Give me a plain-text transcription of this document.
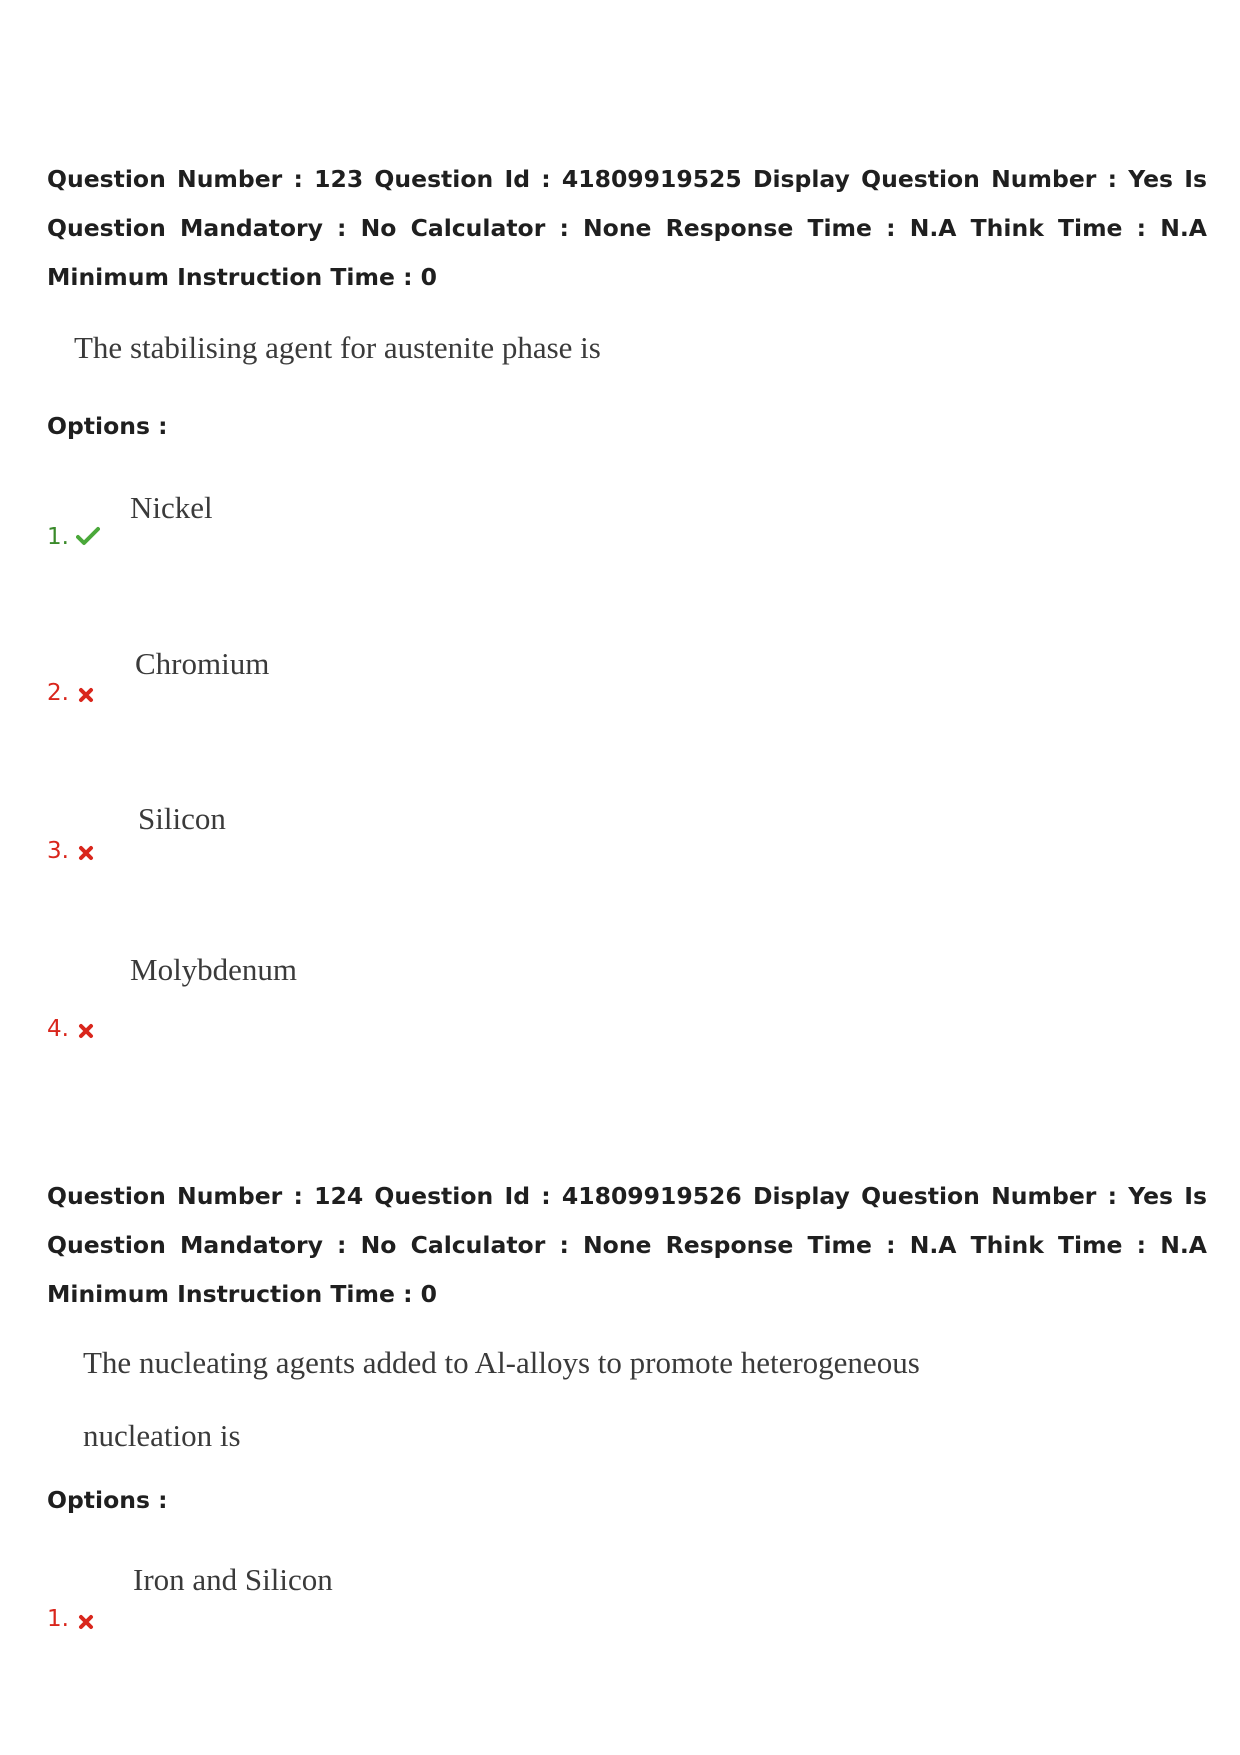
Question Number : 123 Question Id : 41809919525 Display Question Number : Yes Is Question Mandatory : No Calculator : None Response Time : N.A Think Time : N.A Minimum Instruction Time : 0
The stabilising agent for austenite phase is
Options :
Nickel
1.
Chromium
2.
Silicon
3.
Molybdenum
4.
Question Number : 124 Question Id : 41809919526 Display Question Number : Yes Is Question Mandatory : No Calculator : None Response Time : N.A Think Time : N.A Minimum Instruction Time : 0
The nucleating agents added to Al-alloys to promote heterogeneous
nucleation is
Options :
Iron and Silicon
1.
